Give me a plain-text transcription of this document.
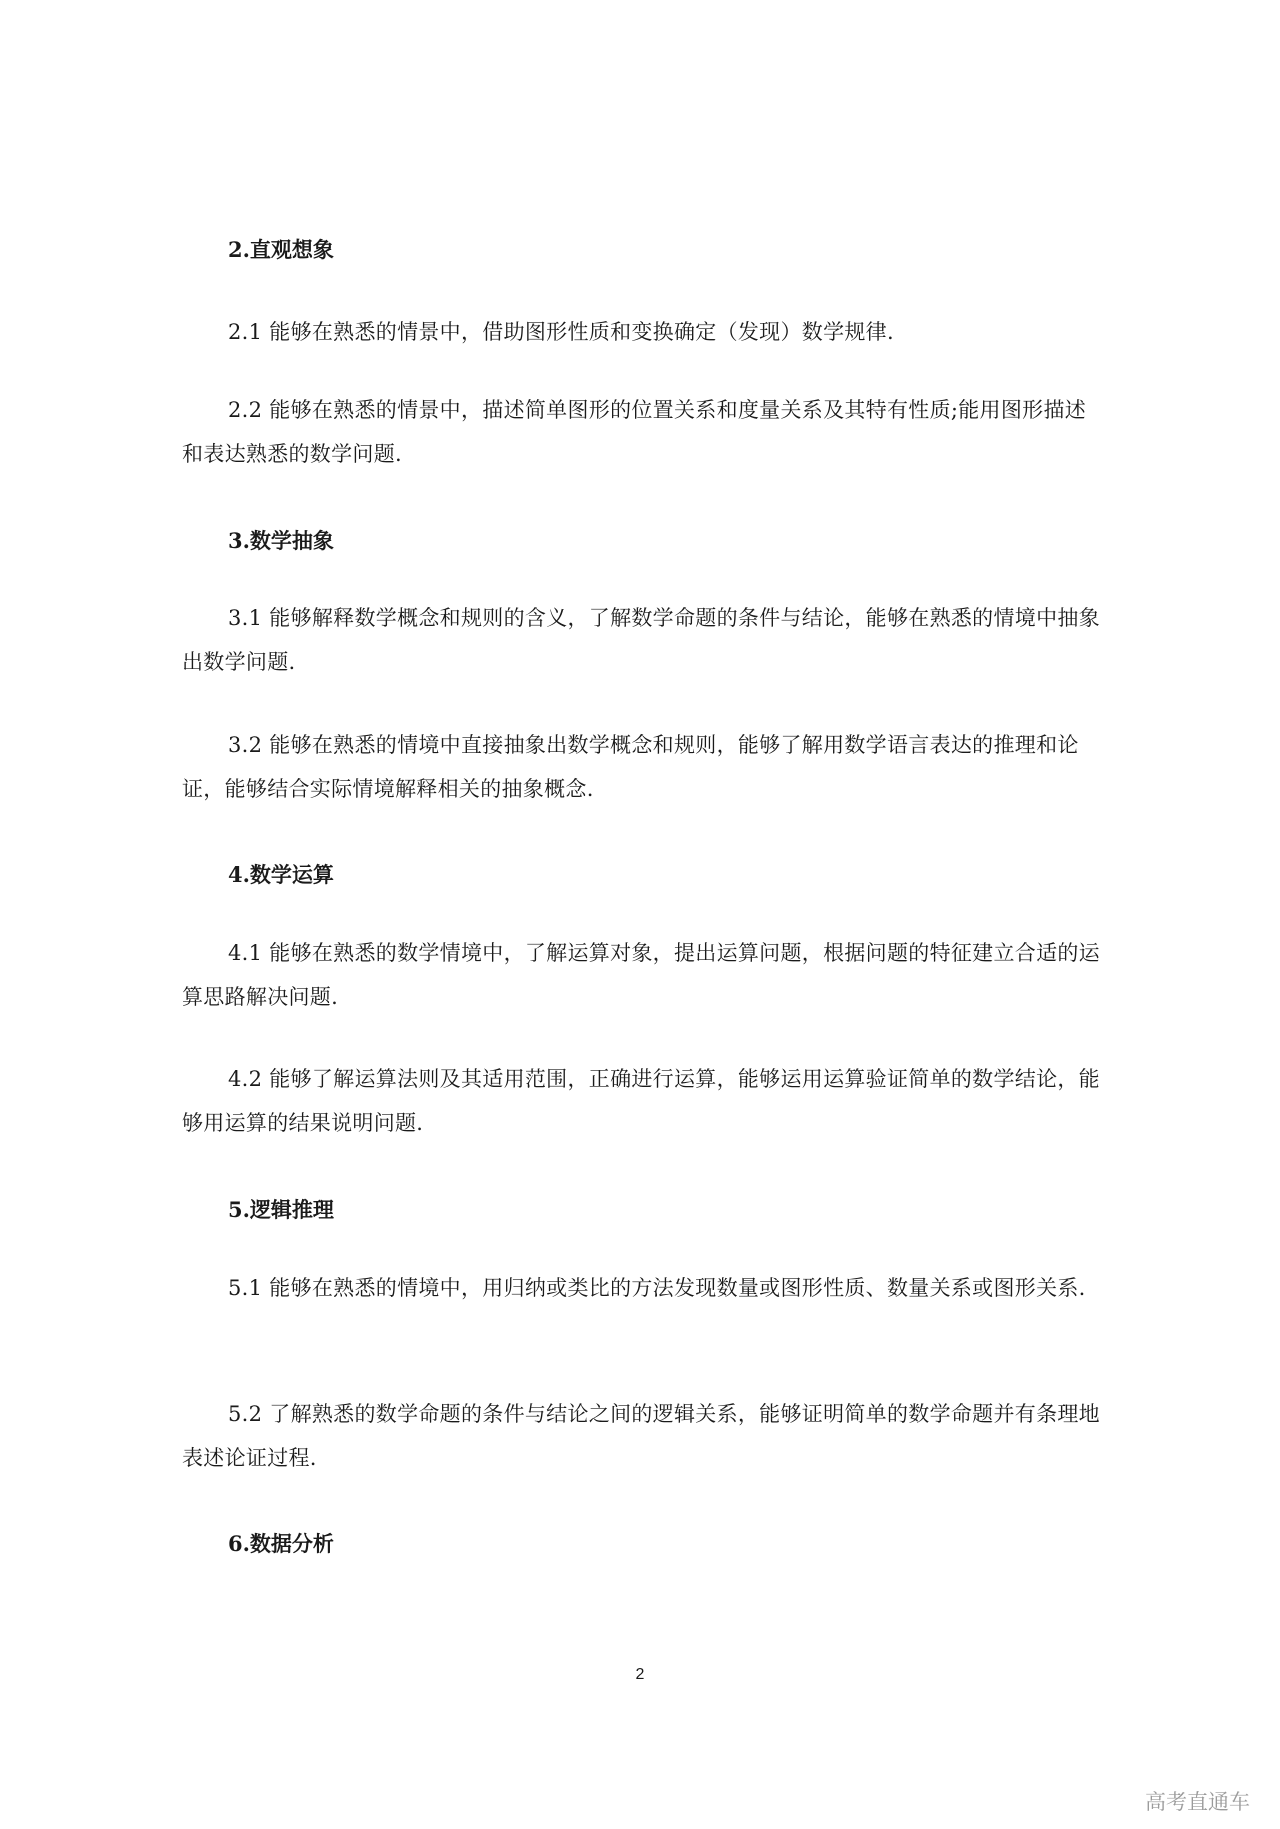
2.直观想象

2.1 能够在熟悉的情景中，借助图形性质和变换确定（发现）数学规律.

2.2 能够在熟悉的情景中，描述简单图形的位置关系和度量关系及其特有性质;能用图形描述和表达熟悉的数学问题.

3.数学抽象

3.1 能够解释数学概念和规则的含义，了解数学命题的条件与结论，能够在熟悉的情境中抽象出数学问题.

3.2 能够在熟悉的情境中直接抽象出数学概念和规则，能够了解用数学语言表达的推理和论证，能够结合实际情境解释相关的抽象概念.

4.数学运算

4.1 能够在熟悉的数学情境中，了解运算对象，提出运算问题，根据问题的特征建立合适的运算思路解决问题.

4.2 能够了解运算法则及其适用范围，正确进行运算，能够运用运算验证简单的数学结论，能够用运算的结果说明问题.

5.逻辑推理

5.1 能够在熟悉的情境中，用归纳或类比的方法发现数量或图形性质、数量关系或图形关系.

5.2 了解熟悉的数学命题的条件与结论之间的逻辑关系，能够证明简单的数学命题并有条理地表述论证过程.

6.数据分析
2
高考直通车
